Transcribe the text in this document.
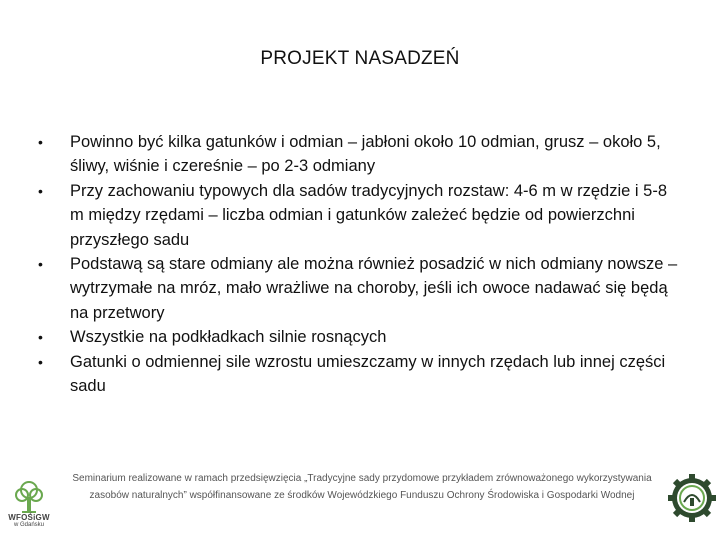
PROJEKT NASADZEŃ
•	Powinno być kilka gatunków i odmian – jabłoni około 10 odmian, grusz – około 5, śliwy, wiśnie i czereśnie – po 2-3 odmiany
•	Przy zachowaniu typowych dla sadów tradycyjnych rozstaw: 4-6 m w rzędzie i 5-8 m między rzędami – liczba odmian i gatunków zależeć będzie od powierzchni przyszłego sadu
•	Podstawą są stare odmiany ale można również posadzić w nich odmiany nowsze – wytrzymałe na mróz, mało wrażliwe na choroby, jeśli ich owoce nadawać się będą na przetwory
•	Wszystkie na podkładkach silnie rosnących
•	Gatunki o odmiennej sile wzrostu umieszczamy w innych rzędach lub innej części sadu
WFOŚiGW
w Gdańsku
Seminarium realizowane w ramach przedsięwzięcia „Tradycyjne sady przydomowe przykładem zrównoważonego wykorzystywania zasobów naturalnych” współfinansowane ze środków Wojewódzkiego Funduszu Ochrony Środowiska i Gospodarki Wodnej
